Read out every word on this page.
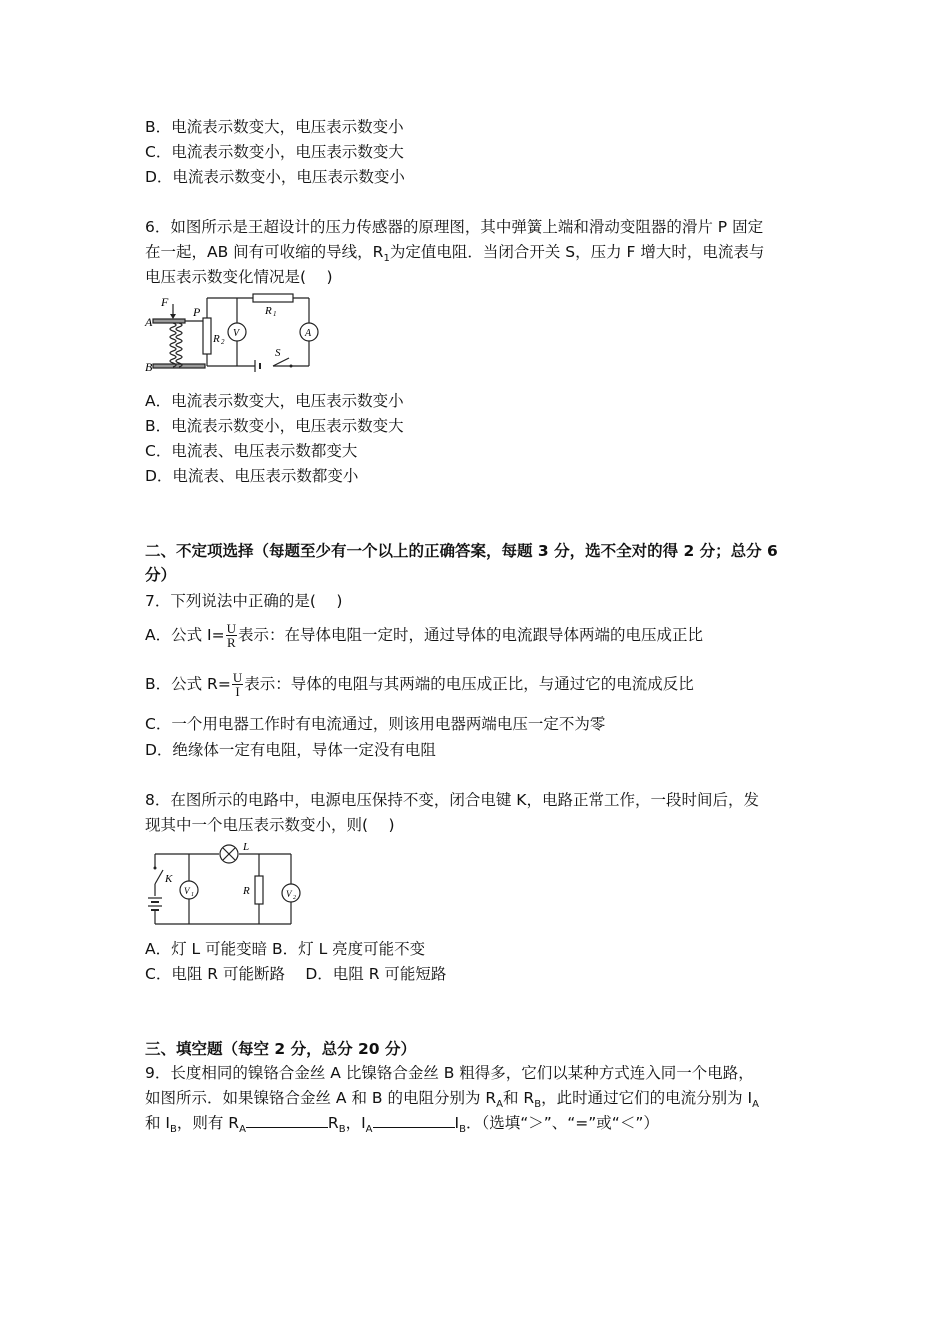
B．电流表示数变大，电压表示数变小
C．电流表示数变小，电压表示数变大
D．电流表示数变小，电压表示数变小
6．如图所示是王超设计的压力传感器的原理图，其中弹簧上端和滑动变阻器的滑片 P 固定
在一起，AB 间有可收缩的导线，$R_1$为定值电阻．当闭合开关 S，压力 F 增大时，电流表与
电压表示数变化情况是(　 )
F
A
B
P	R 1
R 2
V	A
S
A．电流表示数变大，电压表示数变小
B．电流表示数变小，电压表示数变大
C．电流表、电压表示数都变大
D．电流表、电压表示数都变小
二、不定项选择（每题至少有一个以上的正确答案，每题 3 分，选不全对的得 2 分；总分 6
分）
7．下列说法中正确的是(　 )
A．公式 $I= \frac{U}{R}$ 表示：在导体电阻一定时，通过导体的电流跟导体两端的电压成正比
B．公式 $R= \frac{U}{I}$ 表示：导体的电阻与其两端的电压成正比，与通过它的电流成反比
C．一个用电器工作时有电流通过，则该用电器两端电压一定不为零
D．绝缘体一定有电阻，导体一定没有电阻
8．在图所示的电路中，电源电压保持不变，闭合电键 K，电路正常工作，一段时间后，发
现其中一个电压表示数变小，则(　 )
L
K
R
V 1	V 2
A．灯 L 可能变暗 B．灯 L 亮度可能不变
C．电阻 R 可能断路　 D．电阻 R 可能短路
三、填空题（每空 2 分，总分 20 分）
9．长度相同的镍铬合金丝 A 比镍铬合金丝 B 粗得多，它们以某种方式连入同一个电路，
如图所示．如果镍铬合金丝 A 和 B 的电阻分别为 $R_A$和 $R_B$，此时通过它们的电流分别为 $I_A$
和 $I_B$，则有 $R_A$	$R_B$，$I_A$	$I_B$．（选填“＞”、“=”或“＜”）
